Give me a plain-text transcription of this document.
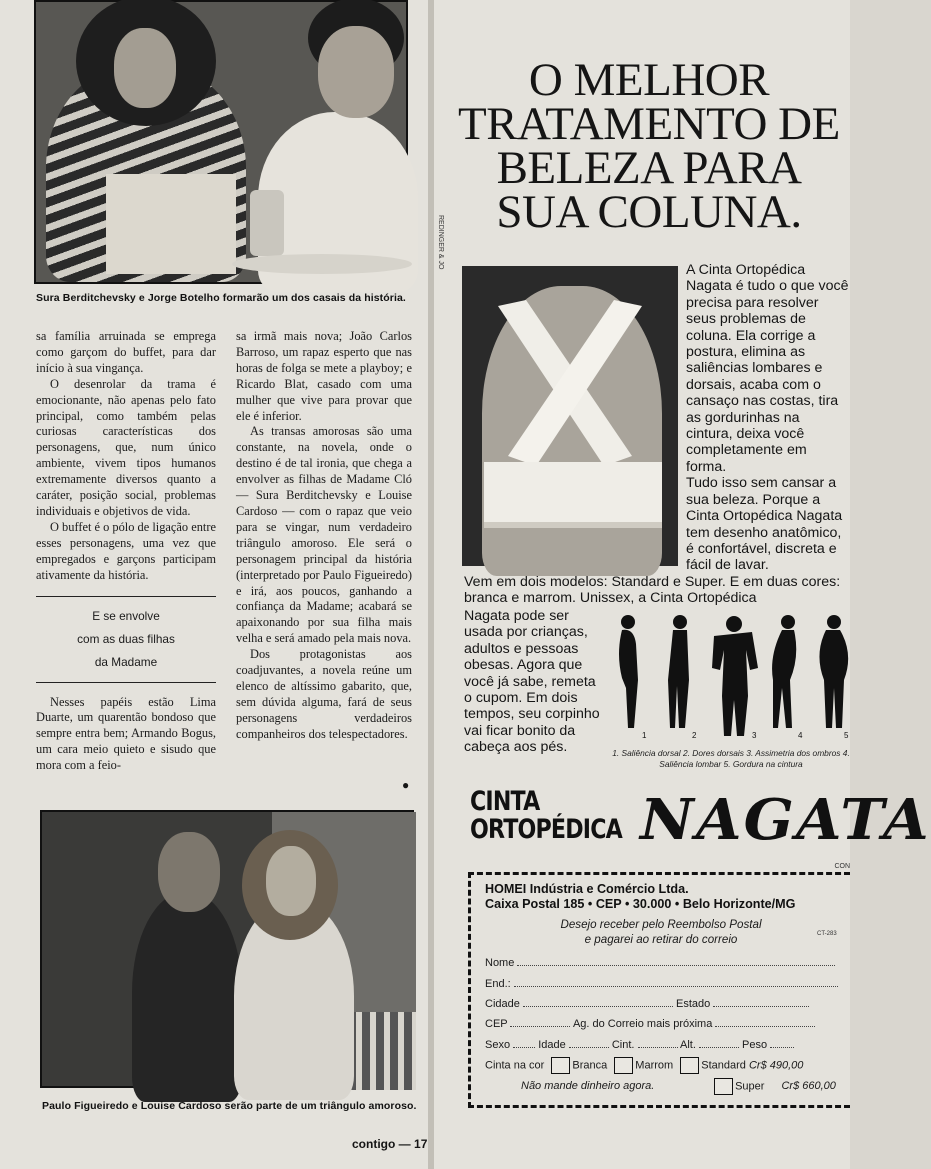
Sura Berditchevsky e Jorge Botelho formarão um dos casais da história.

sa família arruinada se emprega como garçom do buffet, para dar início à sua vingança.

O desenrolar da trama é emocionante, não apenas pelo fato principal, como também pelas curiosas características dos personagens, que, num único ambiente, vivem tipos humanos extremamente diversos quanto a caráter, posição social, problemas individuais e objetivos de vida.

O buffet é o pólo de ligação entre esses personagens, uma vez que empregados e garçons participam ativamente da história.

E se envolve

com as duas filhas

da Madame

Nesses papéis estão Lima Duarte, um quarentão bondoso que sempre entra bem; Armando Bogus, um cara meio quieto e sisudo que mora com a feio-

sa irmã mais nova; João Carlos Barroso, um rapaz esperto que nas horas de folga se mete a playboy; e Ricardo Blat, casado com uma mulher que vive para provar que ele é inferior.

As transas amorosas são uma constante, na novela, onde o destino é de tal ironia, que chega a envolver as filhas de Madame Cló — Sura Berditchevsky e Louise Cardoso — com o rapaz que veio para se vingar, num verdadeiro triângulo amoroso. Ele será o personagem principal da história (interpretado por Paulo Figueiredo) e irá, aos poucos, ganhando a confiança da Madame; acabará se apaixonando por sua filha mais velha e será amado pela mais nova.

Dos protagonistas aos coadjuvantes, a novela reúne um elenco de altíssimo gabarito, que, sem dúvida alguma, fará de seus personagens verdadeiros companheiros dos telespectadores.

●
Paulo Figueiredo e Louise Cardoso serão parte de um triângulo amoroso.
contigo — 17
O MELHOR
TRATAMENTO DE
BELEZA PARA
SUA COLUNA.
REDINGER & JO
A Cinta Ortopédica Nagata é tudo o que você precisa para resolver seus problemas de coluna. Ela corrige a postura, elimina as saliências lombares e dorsais, acaba com o cansaço nas costas, tira as gordurinhas na cintura, deixa você completamente em forma.
Tudo isso sem cansar a sua beleza. Porque a Cinta Ortopédica Nagata tem desenho anatômico, é confortável, discreta e fácil de lavar.
Vem em dois modelos: Standard e Super. E em duas cores: branca e marrom. Unissex, a Cinta Ortopédica
Nagata pode ser usada por crianças, adultos e pessoas obesas. Agora que você já sabe, remeta o cupom. Em dois tempos, seu corpinho vai ficar bonito da cabeça aos pés.
1	2	3	4	5
1. Saliência dorsal 2. Dores dorsais 3. Assimetria dos ombros 4. Saliência lombar 5. Gordura na cintura
CINTA
ORTOPÉDICA NAGATA
CON
HOMEI Indústria e Comércio Ltda.
Caixa Postal 185 • CEP • 30.000 • Belo Horizonte/MG
Desejo receber pelo Reembolso Postal
e pagarei ao retirar do correio	CT-283
Nome
End.:
Cidade	Estado
CEP	Ag. do Correio mais próxima
Sexo	Idade	Cint.	Alt.	Peso
Cinta na cor	Branca	Marrom	Standard Cr$ 490,00
Não mande dinheiro agora.	Super Cr$ 660,00
